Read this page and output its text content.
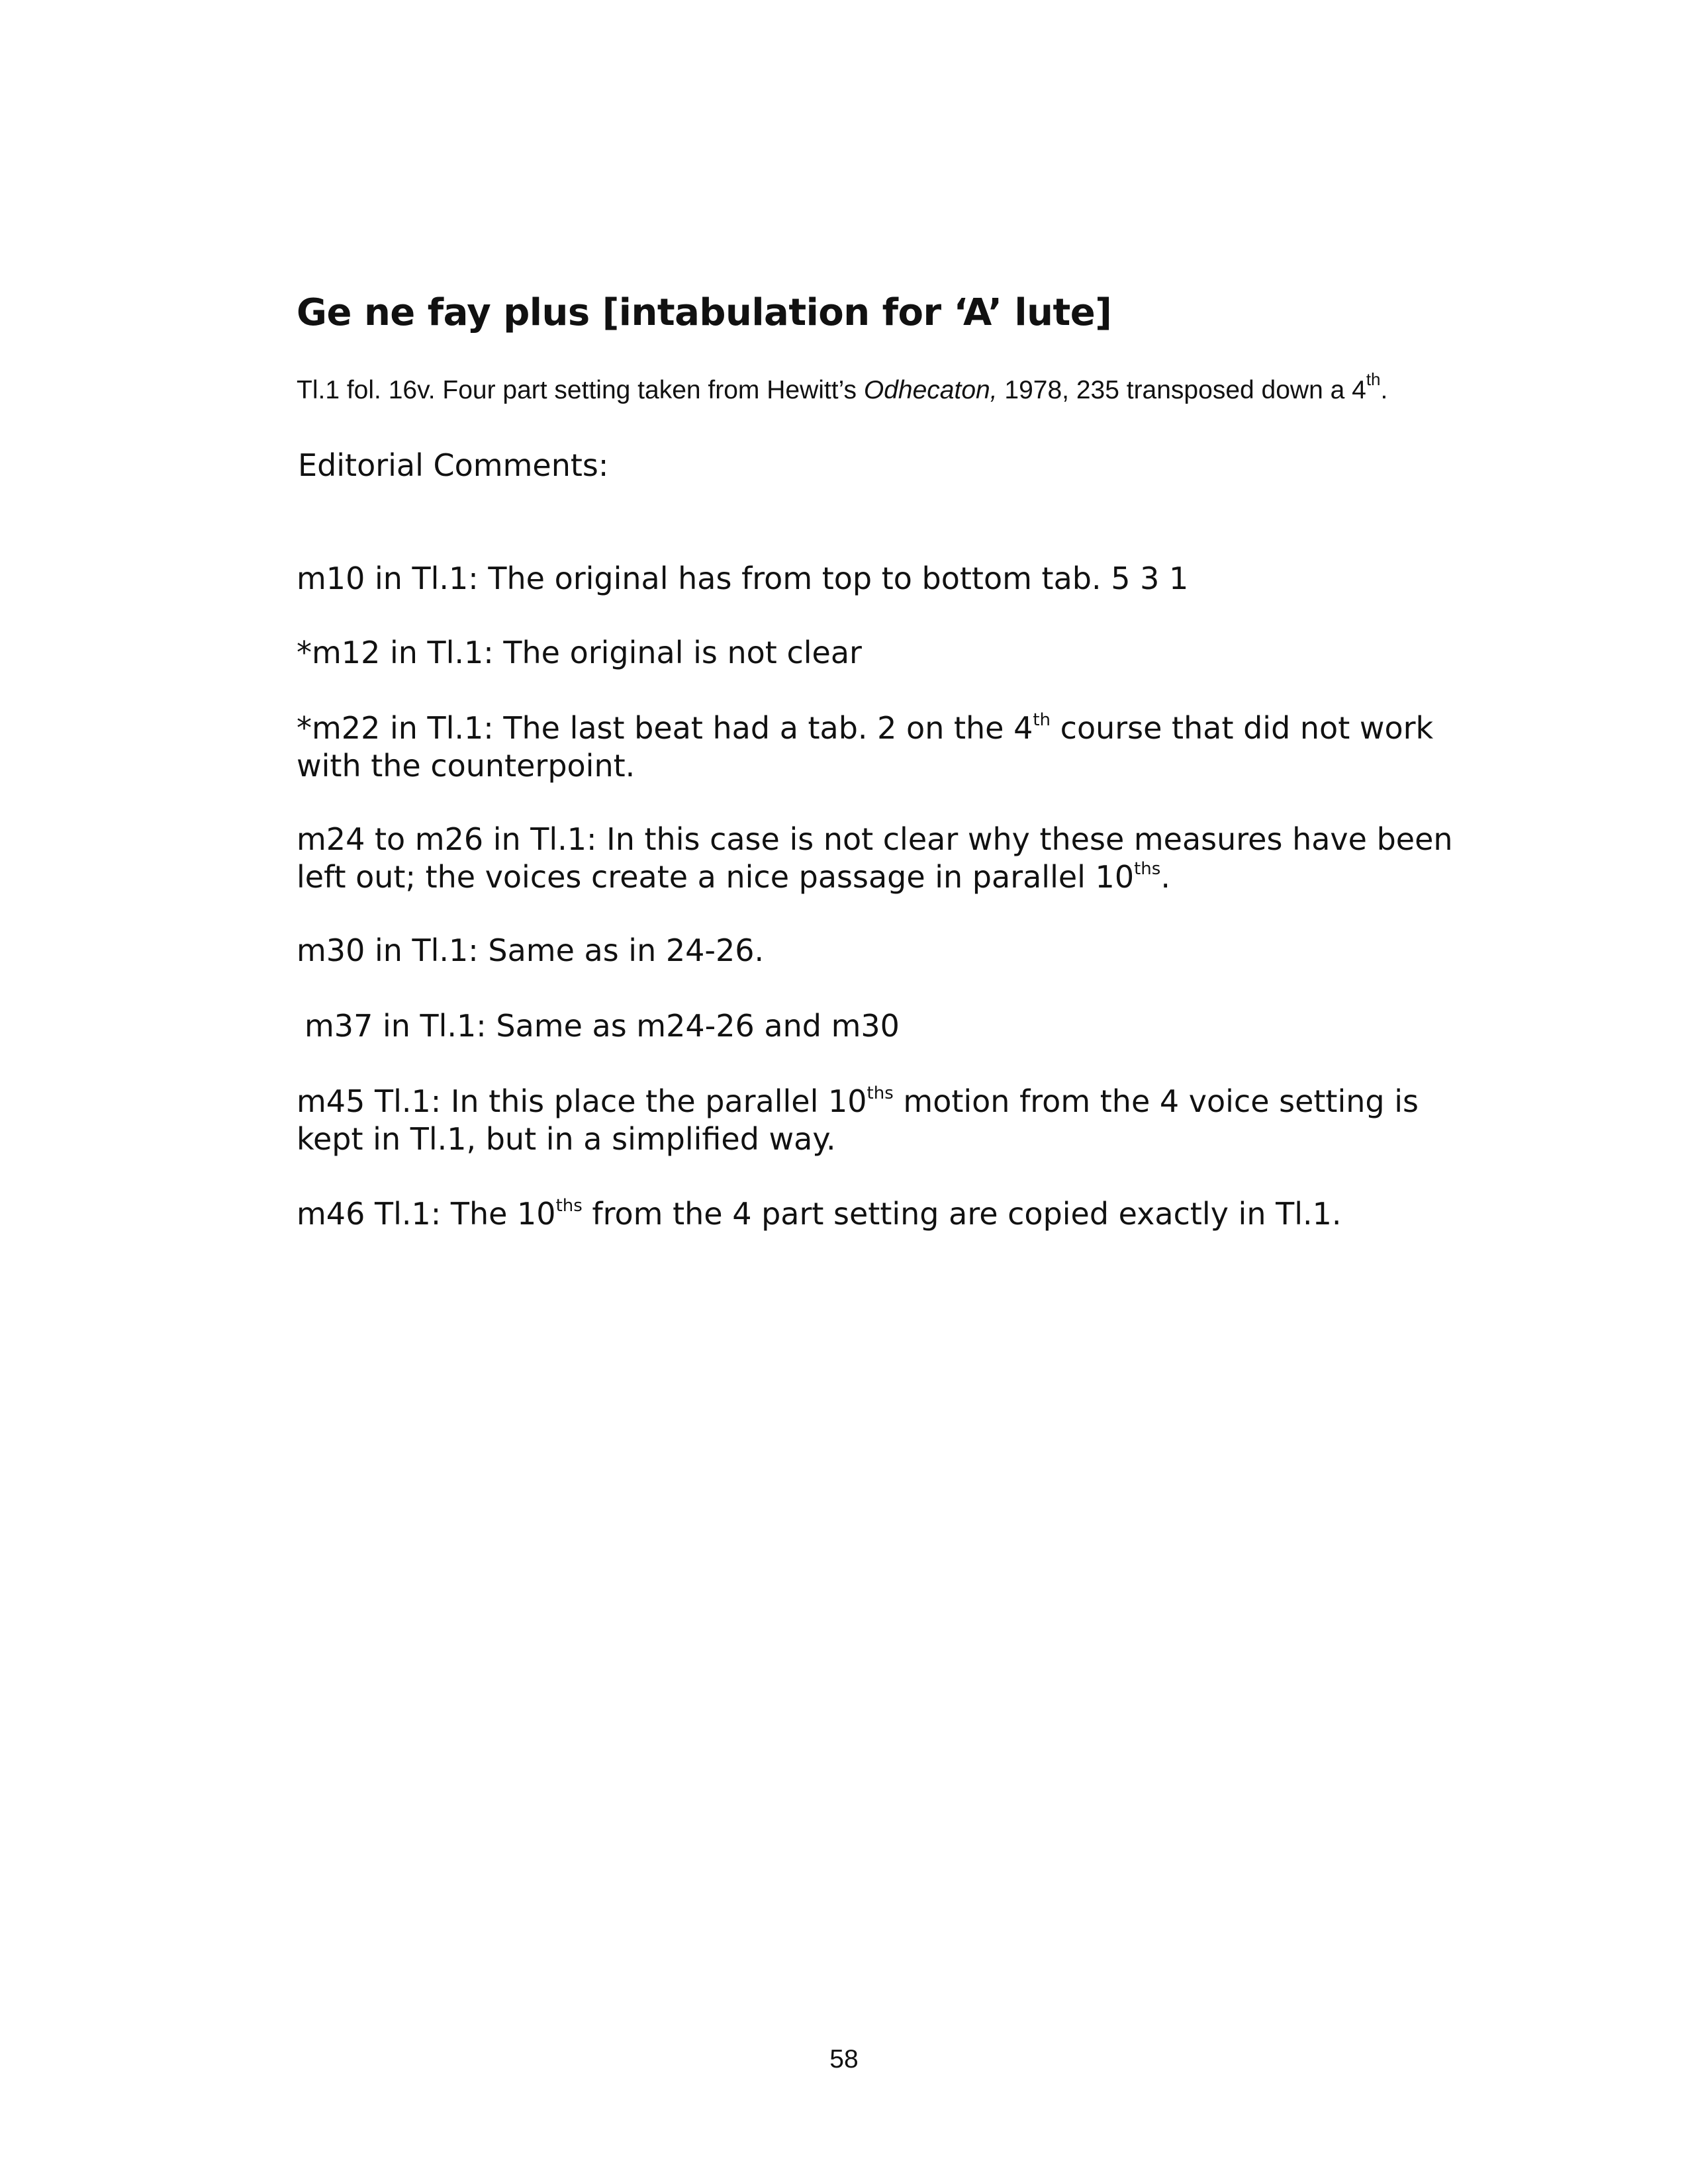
Ge ne fay plus [intabulation for ‘A’ lute]

Tl.1 fol. 16v. Four part setting taken from Hewitt’s Odhecaton, 1978, 235 transposed down a 4th.

Editorial Comments:

m10 in Tl.1: The original has from top to bottom tab. 5 3 1

*m12 in Tl.1: The original is not clear

*m22 in Tl.1: The last beat had a tab. 2 on the 4th course that did not work with the counterpoint.

m24 to m26 in Tl.1: In this case is not clear why these measures have been left out; the voices create a nice passage in parallel $10^{ths}$.

m30 in Tl.1: Same as in 24-26.

m37 in Tl.1: Same as m24-26 and m30

m45 Tl.1: In this place the parallel $10^{ths}$ motion from the 4 voice setting is kept in Tl.1, but in a simplified way.

m46 Tl.1: The $10^{ths}$ from the 4 part setting are copied exactly in Tl.1.

58
